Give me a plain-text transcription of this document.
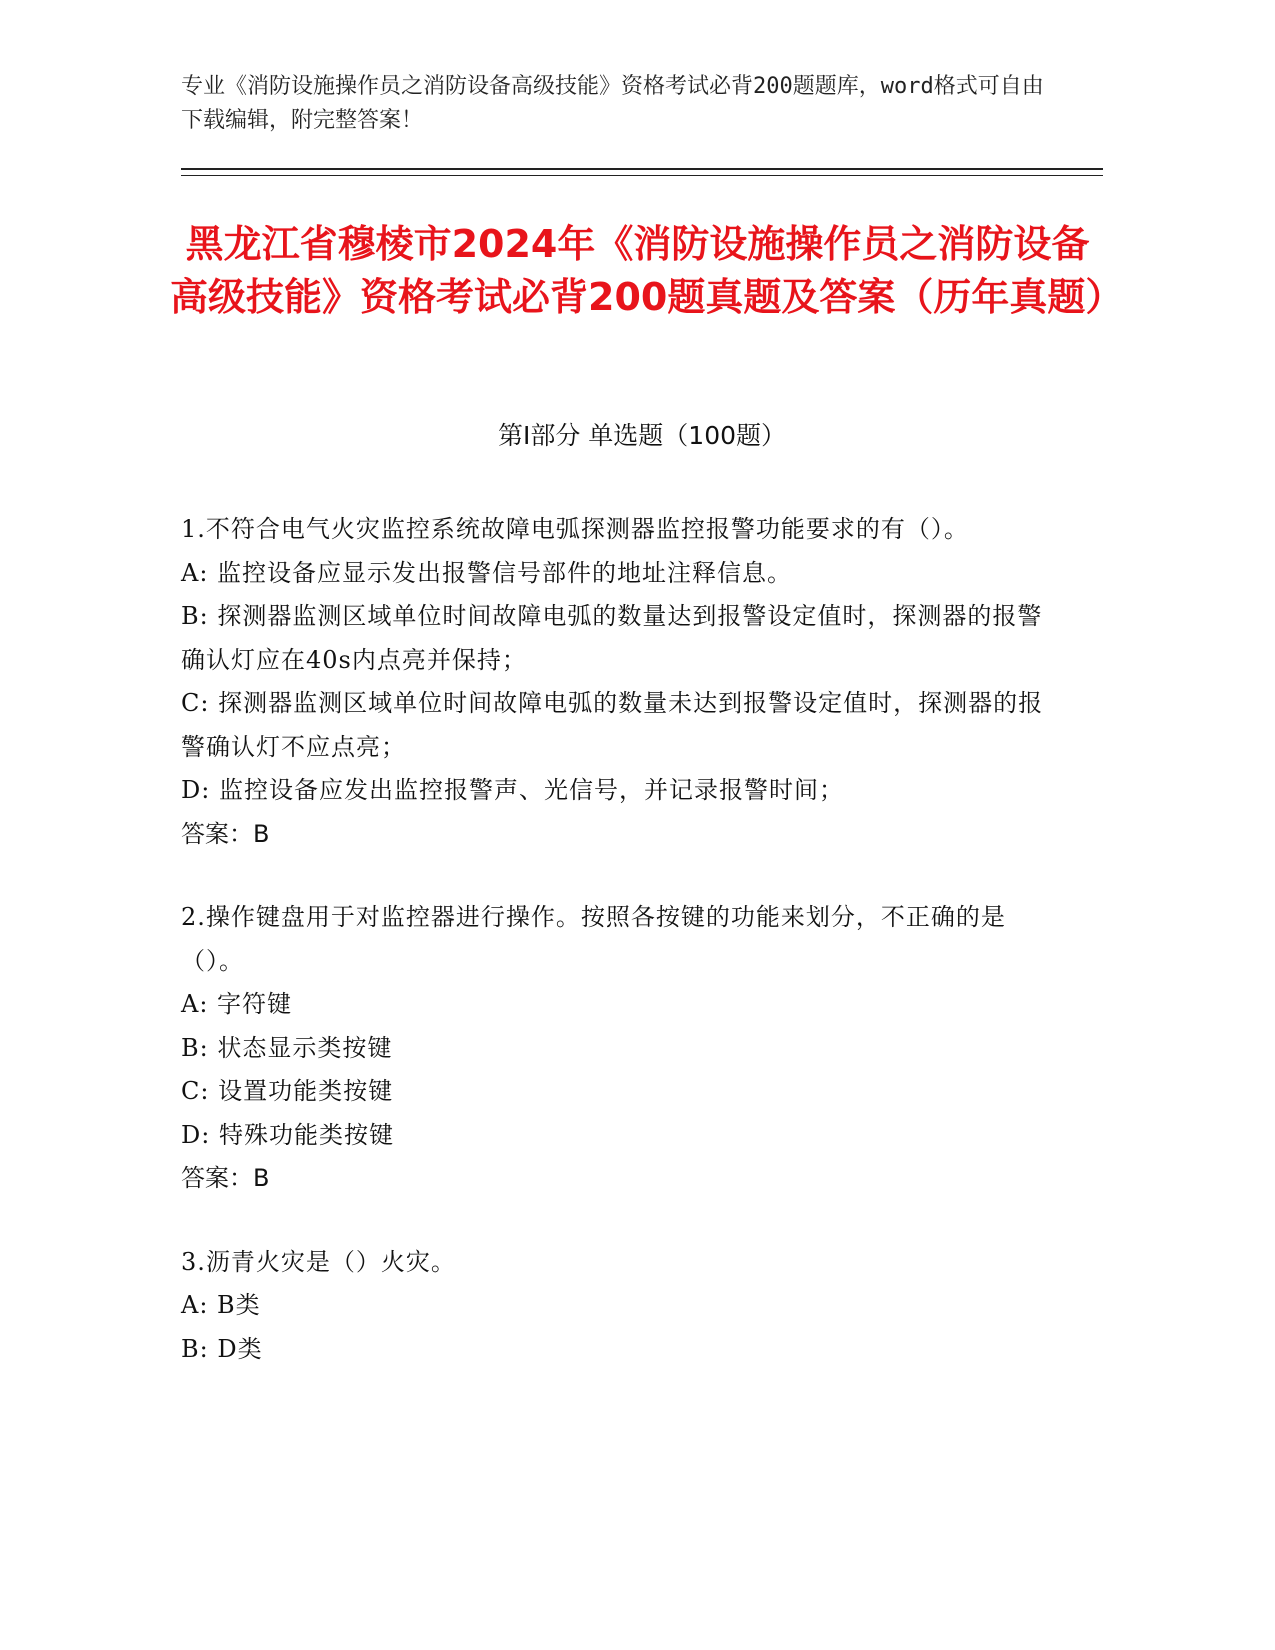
专业《消防设施操作员之消防设备高级技能》资格考试必背200题题库，word格式可自由下载编辑，附完整答案！
黑龙江省穆棱市2024年《消防设施操作员之消防设备高级技能》资格考试必背200题真题及答案（历年真题）
第I部分 单选题（100题）
1.不符合电气火灾监控系统故障电弧探测器监控报警功能要求的有（）。
A: 监控设备应显示发出报警信号部件的地址注释信息。
B: 探测器监测区域单位时间故障电弧的数量达到报警设定值时，探测器的报警确认灯应在40s内点亮并保持；
C: 探测器监测区域单位时间故障电弧的数量未达到报警设定值时，探测器的报警确认灯不应点亮；
D: 监控设备应发出监控报警声、光信号，并记录报警时间；
答案：B
2.操作键盘用于对监控器进行操作。按照各按键的功能来划分，不正确的是（）。
A: 字符键
B: 状态显示类按键
C: 设置功能类按键
D: 特殊功能类按键
答案：B
3.沥青火灾是（）火灾。
A: B类
B: D类
